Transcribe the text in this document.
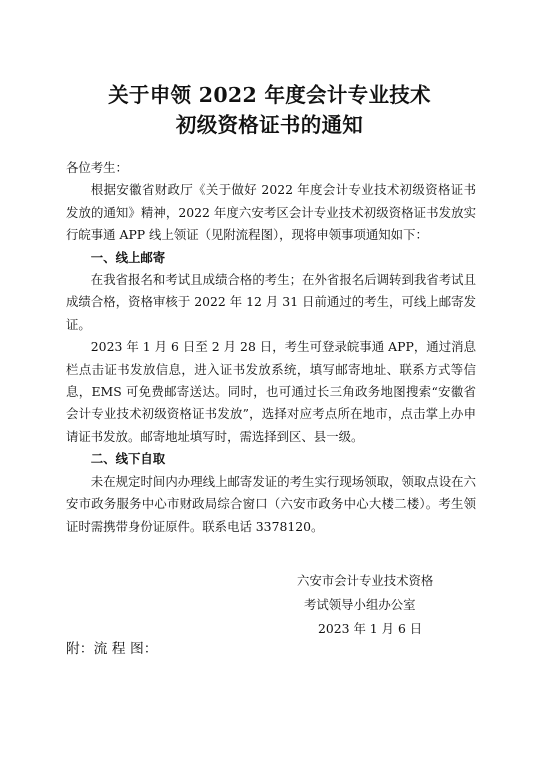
关于申领 2022 年度会计专业技术
初级资格证书的通知

各位考生：

根据安徽省财政厅《关于做好 2022 年度会计专业技术初级资格证书发放的通知》精神，2022 年度六安考区会计专业技术初级资格证书发放实行皖事通 APP 线上领证（见附流程图），现将申领事项通知如下：

一、线上邮寄

在我省报名和考试且成绩合格的考生；在外省报名后调转到我省考试且成绩合格，资格审核于 2022 年 12 月 31 日前通过的考生，可线上邮寄发证。

2023 年 1 月 6 日至 2 月 28 日，考生可登录皖事通 APP，通过消息栏点击证书发放信息，进入证书发放系统，填写邮寄地址、联系方式等信息，EMS 可免费邮寄送达。同时，也可通过长三角政务地图搜索“安徽省会计专业技术初级资格证书发放”，选择对应考点所在地市，点击掌上办申请证书发放。邮寄地址填写时，需选择到区、县一级。

二、线下自取

未在规定时间内办理线上邮寄发证的考生实行现场领取，领取点设在六安市政务服务中心市财政局综合窗口（六安市政务中心大楼二楼）。考生领证时需携带身份证原件。联系电话 3378120。

六安市会计专业技术资格
考试领导小组办公室
2023 年 1 月 6 日
附：流 程 图：
